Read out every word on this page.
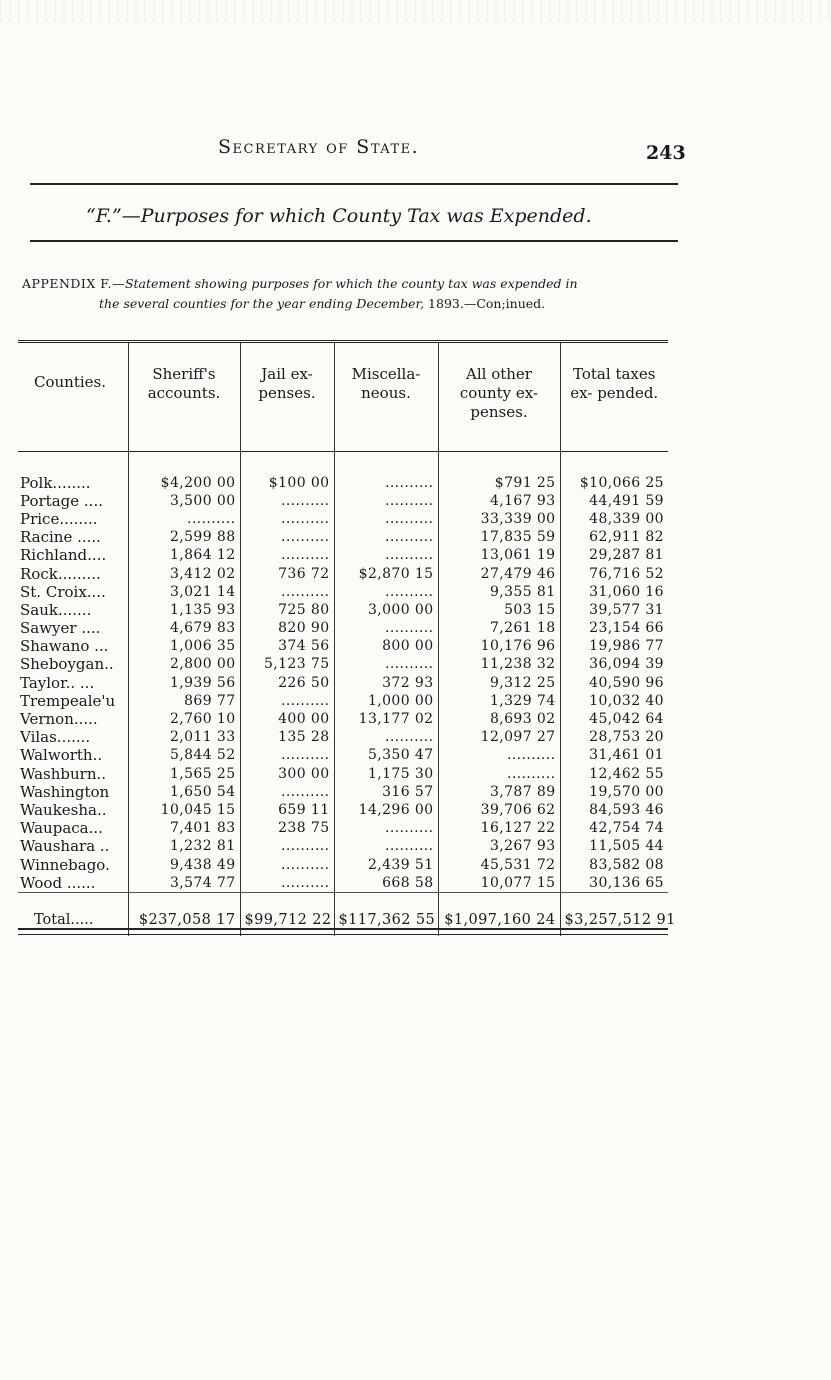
Secretary of State.	243
“F.”—Purposes for which County Tax was Expended.
APPENDIX F.—Statement showing purposes for which the county tax was expended in
the several counties for the year ending December, 1893.—Con;inued.
Counties.	Sheriff's accounts.	Jail ex- penses.	Miscella- neous.	All other county ex- penses.	Total taxes ex- pended.
Polk........	$4,200 00	$100 00	..........	$791 25	$10,066 25
Portage ....	3,500 00	..........	..........	4,167 93	44,491 59
Price........	..........	..........	..........	33,339 00	48,339 00
Racine .....	2,599 88	..........	..........	17,835 59	62,911 82
Richland....	1,864 12	..........	..........	13,061 19	29,287 81
Rock.........	3,412 02	736 72	$2,870 15	27,479 46	76,716 52
St. Croix....	3,021 14	..........	..........	9,355 81	31,060 16
Sauk.......	1,135 93	725 80	3,000 00	503 15	39,577 31
Sawyer ....	4,679 83	820 90	..........	7,261 18	23,154 66
Shawano ...	1,006 35	374 56	800 00	10,176 96	19,986 77
Sheboygan..	2,800 00	5,123 75	..........	11,238 32	36,094 39
Taylor.. ...	1,939 56	226 50	372 93	9,312 25	40,590 96
Trempeale'u	869 77	..........	1,000 00	1,329 74	10,032 40
Vernon.....	2,760 10	400 00	13,177 02	8,693 02	45,042 64
Vilas.......	2,011 33	135 28	..........	12,097 27	28,753 20
Walworth..	5,844 52	..........	5,350 47	..........	31,461 01
Washburn..	1,565 25	300 00	1,175 30	..........	12,462 55
Washington	1,650 54	..........	316 57	3,787 89	19,570 00
Waukesha..	10,045 15	659 11	14,296 00	39,706 62	84,593 46
Waupaca...	7,401 83	238 75	..........	16,127 22	42,754 74
Waushara ..	1,232 81	..........	..........	3,267 93	11,505 44
Winnebago.	9,438 49	..........	2,439 51	45,531 72	83,582 08
Wood ......	3,574 77	..........	668 58	10,077 15	30,136 65
Total.....	$237,058 17	$99,712 22	$117,362 55	$1,097,160 24	$3,257,512 91
